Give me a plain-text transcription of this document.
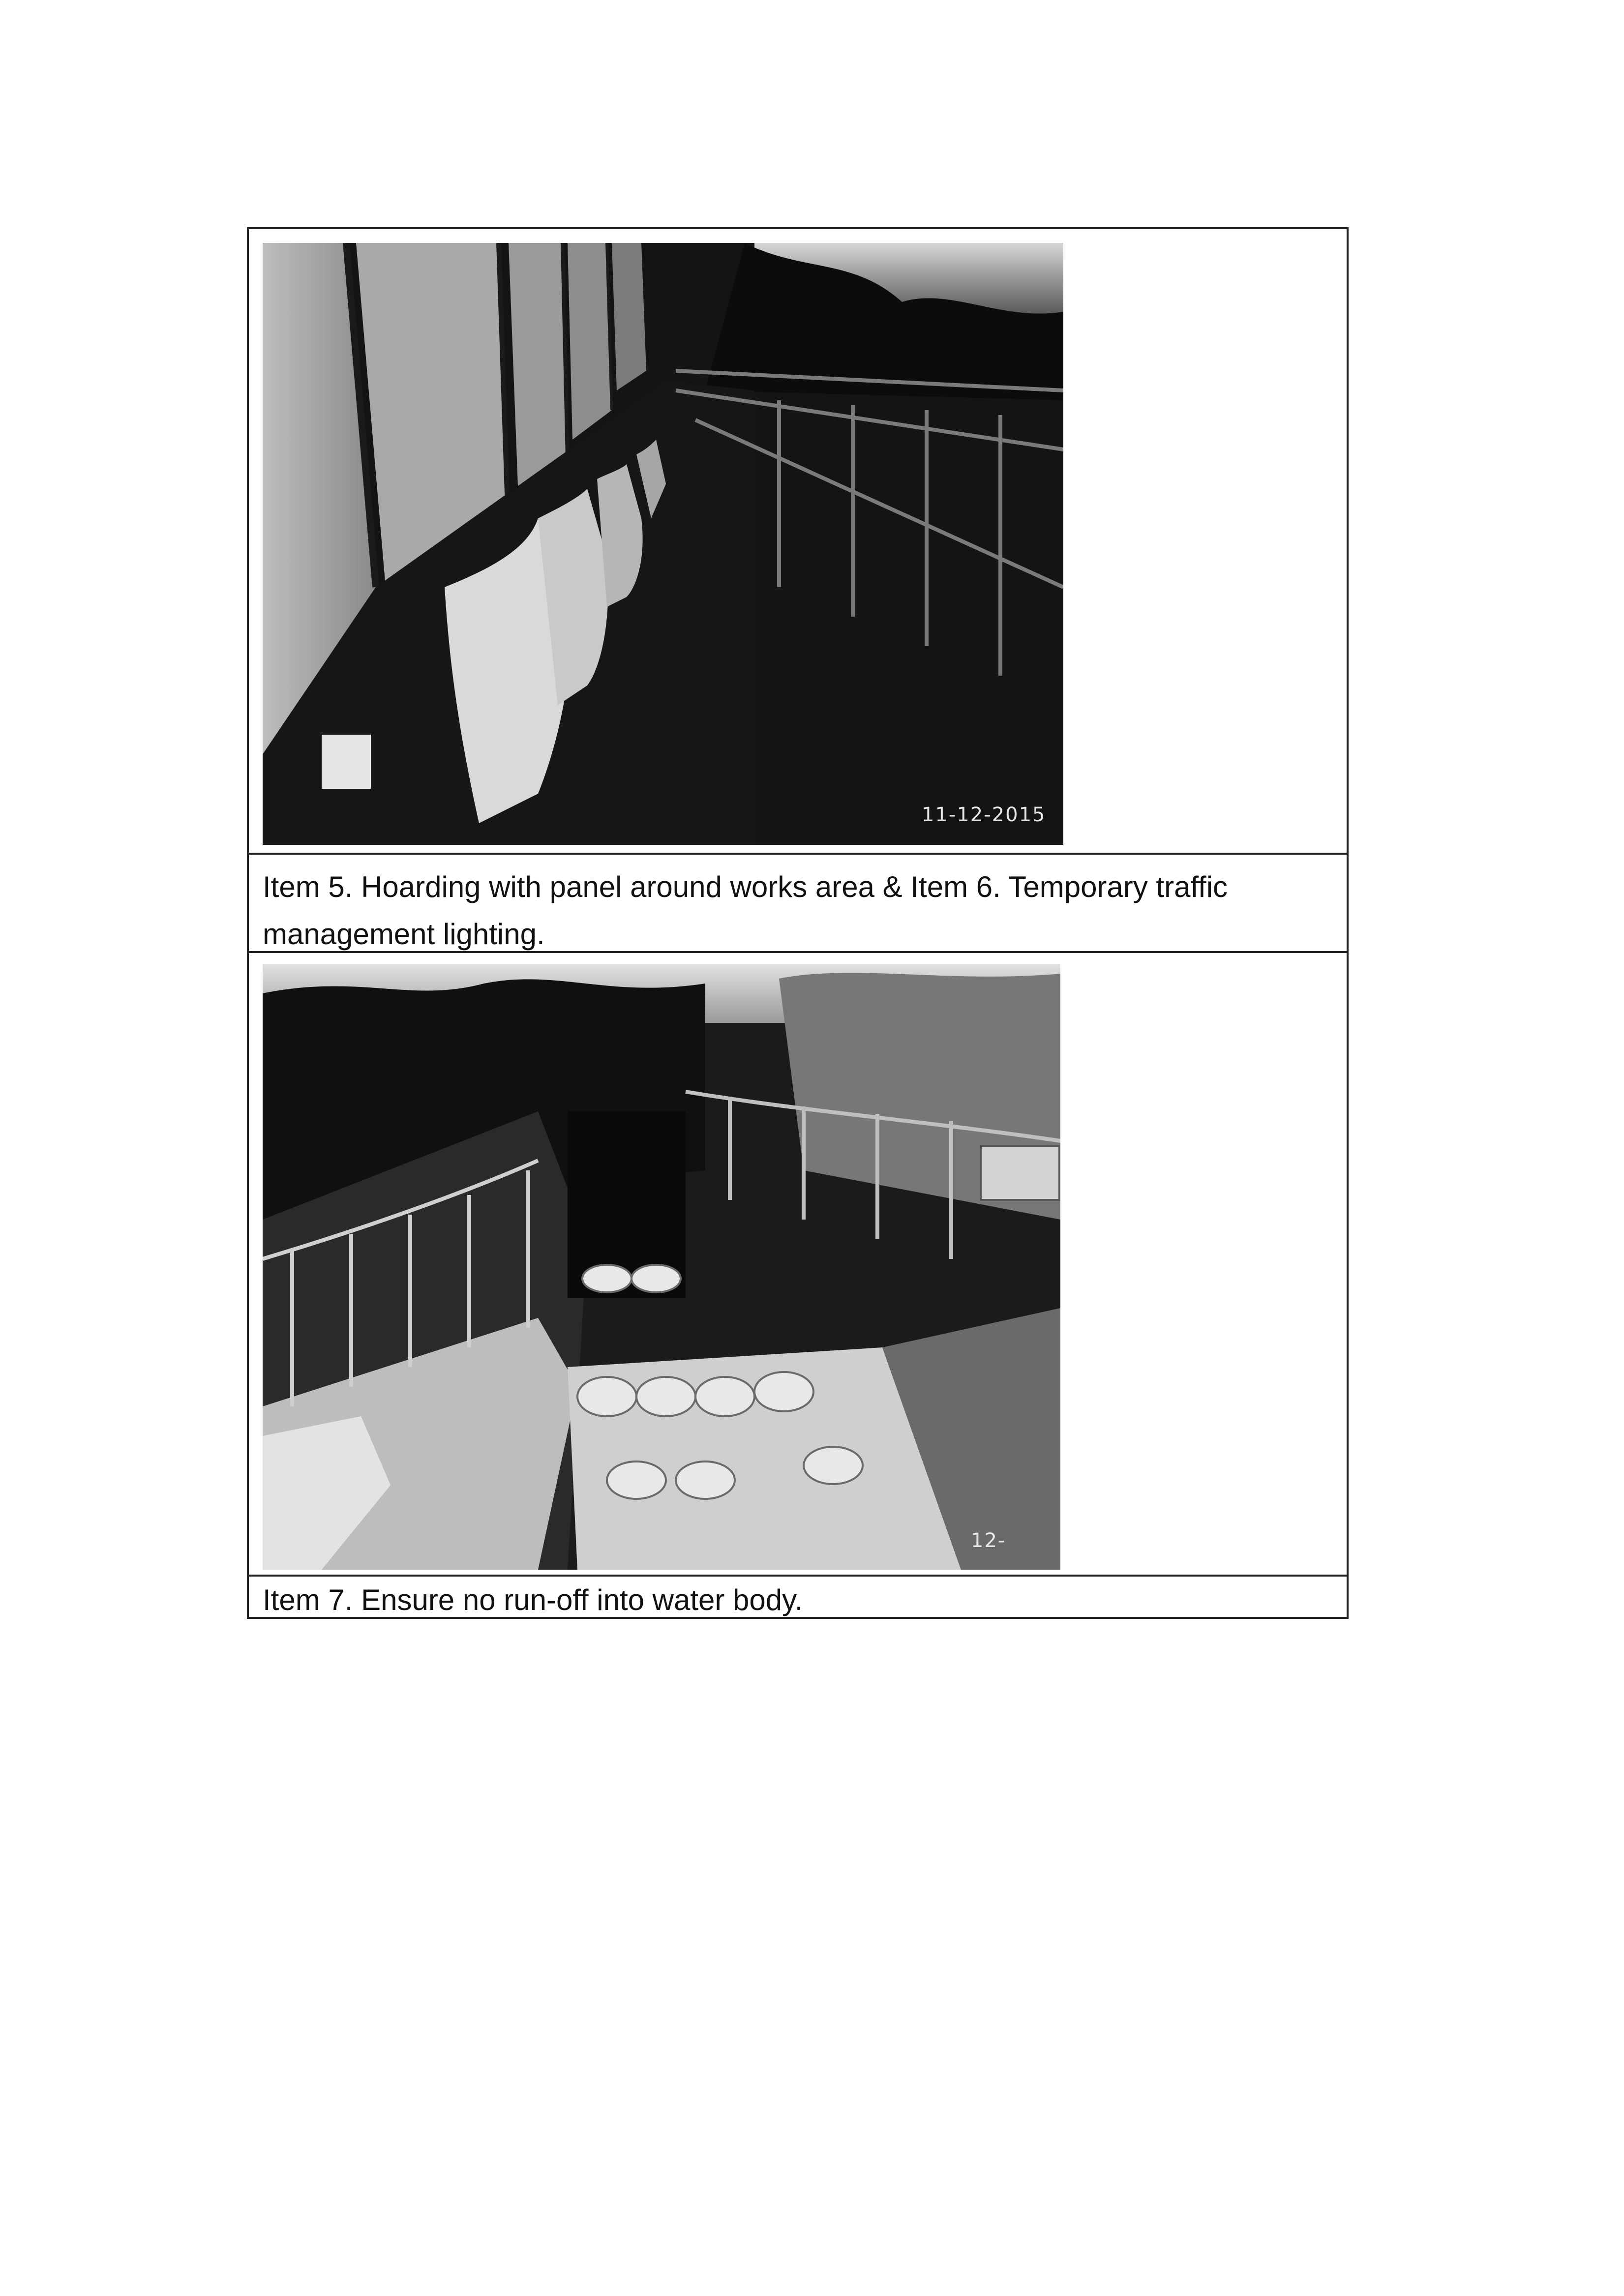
11-12-2015
Item 5. Hoarding with panel around works area & Item 6. Temporary traffic management lighting.
12-
Item 7. Ensure no run-off into water body.
